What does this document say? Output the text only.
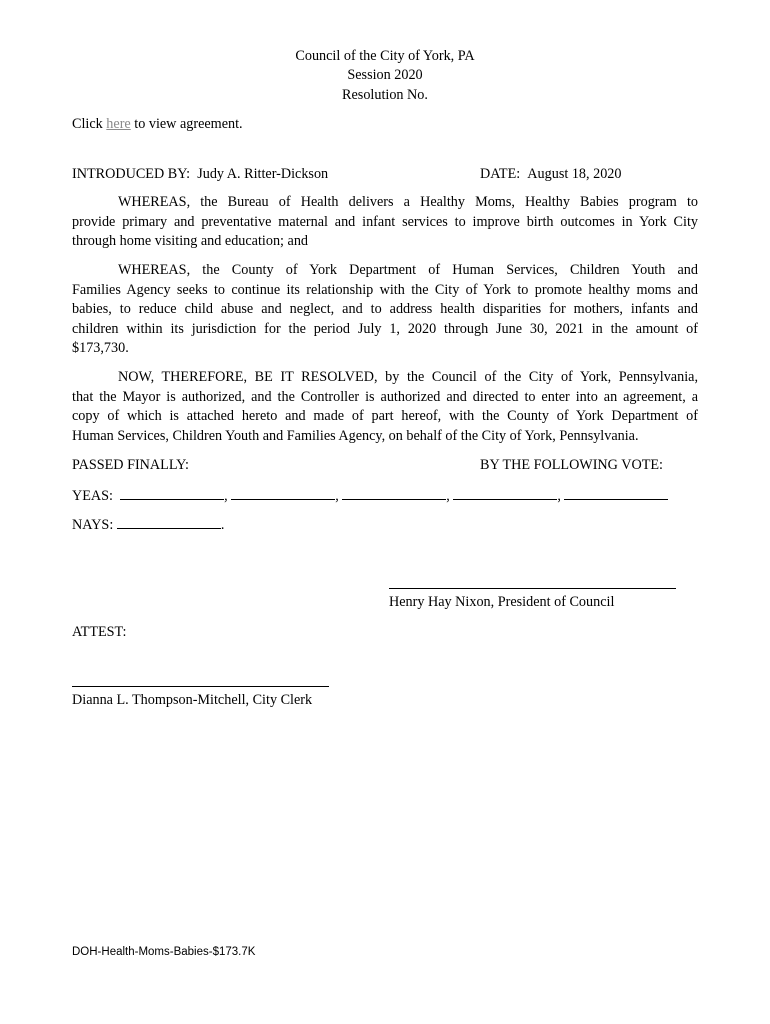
Council of the City of York, PA
Session 2020
Resolution No.
Click here to view agreement.
INTRODUCED BY: Judy A. Ritter-Dickson	DATE: August 18, 2020
WHEREAS, the Bureau of Health delivers a Healthy Moms, Healthy Babies program to
provide primary and preventative maternal and infant services to improve birth outcomes in York City
through home visiting and education; and
WHEREAS, the County of York Department of Human Services, Children Youth and
Families Agency seeks to continue its relationship with the City of York to promote healthy moms and
babies, to reduce child abuse and neglect, and to address health disparities for mothers, infants and
children within its jurisdiction for the period July 1, 2020 through June 30, 2021 in the amount of
$173,730.
NOW, THEREFORE, BE IT RESOLVED, by the Council of the City of York, Pennsylvania,
that the Mayor is authorized, and the Controller is authorized and directed to enter into an agreement, a
copy of which is attached hereto and made of part hereof, with the County of York Department of
Human Services, Children Youth and Families Agency, on behalf of the City of York, Pennsylvania.
PASSED FINALLY:	BY THE FOLLOWING VOTE:
YEAS:	,	,	,	,
NAYS:	.
Henry Hay Nixon, President of Council
ATTEST:
Dianna L. Thompson-Mitchell, City Clerk
DOH-Health-Moms-Babies-$173.7K
